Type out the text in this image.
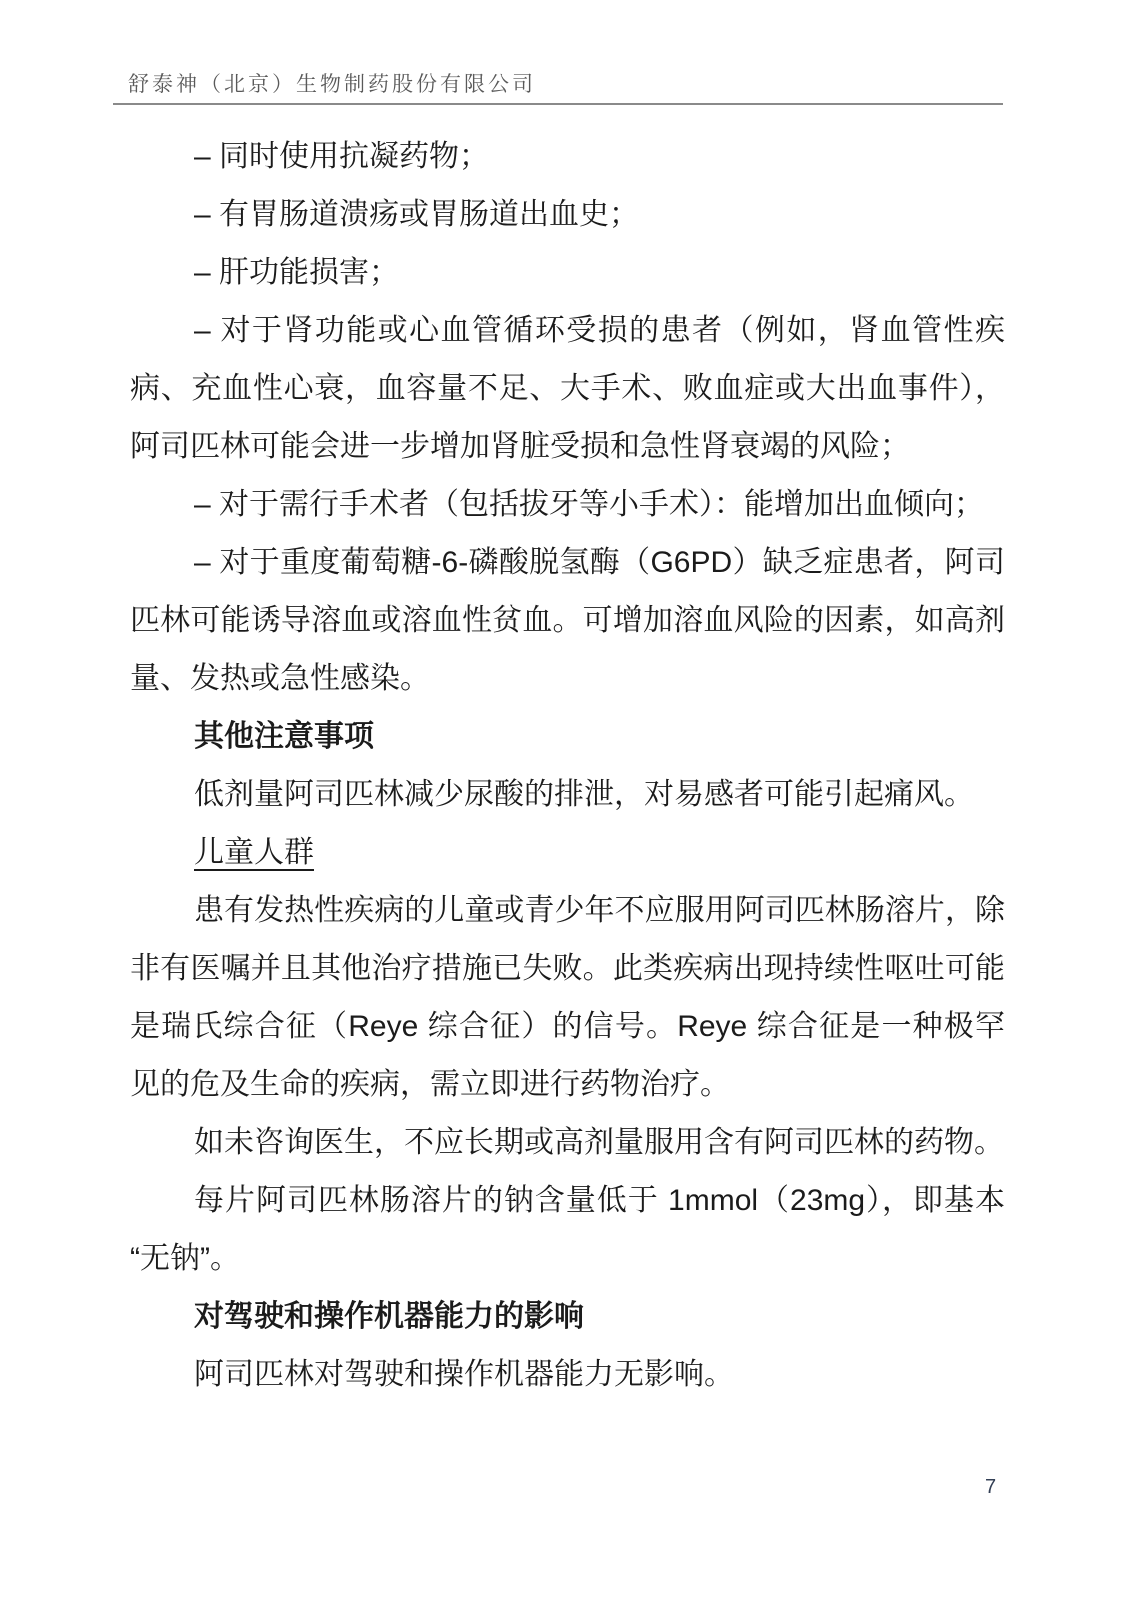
舒泰神（北京）生物制药股份有限公司

– 同时使用抗凝药物；

– 有胃肠道溃疡或胃肠道出血史；

– 肝功能损害；

– 对于肾功能或心血管循环受损的患者（例如，肾血管性疾病、充血性心衰，血容量不足、大手术、败血症或大出血事件），阿司匹林可能会进一步增加肾脏受损和急性肾衰竭的风险；

– 对于需行手术者（包括拔牙等小手术）：能增加出血倾向；

– 对于重度葡萄糖-6-磷酸脱氢酶（G6PD）缺乏症患者，阿司匹林可能诱导溶血或溶血性贫血。可增加溶血风险的因素，如高剂量、发热或急性感染。

其他注意事项

低剂量阿司匹林减少尿酸的排泄，对易感者可能引起痛风。

儿童人群

患有发热性疾病的儿童或青少年不应服用阿司匹林肠溶片，除非有医嘱并且其他治疗措施已失败。此类疾病出现持续性呕吐可能是瑞氏综合征（Reye 综合征）的信号。Reye 综合征是一种极罕见的危及生命的疾病，需立即进行药物治疗。

如未咨询医生，不应长期或高剂量服用含有阿司匹林的药物。

每片阿司匹林肠溶片的钠含量低于 1mmol（23mg），即基本“无钠”。

对驾驶和操作机器能力的影响

阿司匹林对驾驶和操作机器能力无影响。

7
